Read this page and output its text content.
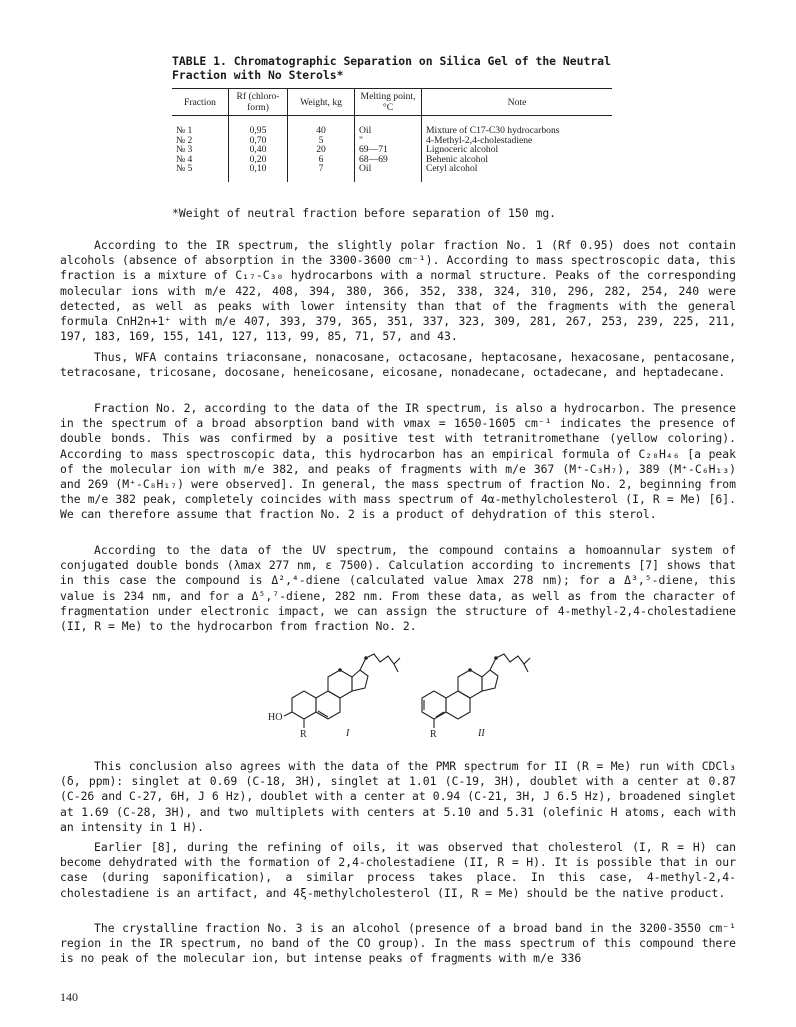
TABLE 1. Chromatographic Separation on Silica Gel of the Neutral Fraction with No Sterols*
Fraction	Rf (chloro-form)	Weight, kg	Melting point, °C	Note
№ 1	0,95	40	Oil	Mixture of C17-C30 hydrocarbons
№ 2	0,70	5	"	4-Methyl-2,4-cholestadiene
№ 3	0,40	20	69—71	Lignoceric alcohol
№ 4	0,20	6	68—69	Behenic alcohol
№ 5	0,10	7	Oil	Cetyl alcohol
*Weight of neutral fraction before separation of 150 mg.
According to the IR spectrum, the slightly polar fraction No. 1 (Rf 0.95) does not contain alcohols (absence of absorption in the 3300-3600 cm⁻¹). According to mass spectroscopic data, this fraction is a mixture of C₁₇-C₃₀ hydrocarbons with a normal structure. Peaks of the corresponding molecular ions with m/e 422, 408, 394, 380, 366, 352, 338, 324, 310, 296, 282, 254, 240 were detected, as well as peaks with lower intensity than that of the fragments with the general formula CnH2n+1⁺ with m/e 407, 393, 379, 365, 351, 337, 323, 309, 281, 267, 253, 239, 225, 211, 197, 183, 169, 155, 141, 127, 113, 99, 85, 71, 57, and 43.
Thus, WFA contains triaconsane, nonacosane, octacosane, heptacosane, hexacosane, pentacosane, tetracosane, tricosane, docosane, heneicosane, eicosane, nonadecane, octadecane, and heptadecane.
Fraction No. 2, according to the data of the IR spectrum, is also a hydrocarbon. The presence in the spectrum of a broad absorption band with νmax = 1650-1605 cm⁻¹ indicates the presence of double bonds. This was confirmed by a positive test with tetranitromethane (yellow coloring). According to mass spectroscopic data, this hydrocarbon has an empirical formula of C₂₈H₄₆ [a peak of the molecular ion with m/e 382, and peaks of fragments with m/e 367 (M⁺-C₃H₇), 389 (M⁺-C₆H₁₃) and 269 (M⁺-C₈H₁₇) were observed]. In general, the mass spectrum of fraction No. 2, beginning from the m/e 382 peak, completely coincides with mass spectrum of 4α-methylcholesterol (I, R = Me) [6]. We can therefore assume that fraction No. 2 is a product of dehydration of this sterol.
According to the data of the UV spectrum, the compound contains a homoannular system of conjugated double bonds (λmax 277 nm, ε 7500). Calculation according to increments [7] shows that in this case the compound is Δ²,⁴-diene (calculated value λmax 278 nm); for a Δ³,⁵-diene, this value is 234 nm, and for a Δ⁵,⁷-diene, 282 nm. From these data, as well as from the character of fragmentation under electronic impact, we can assign the structure of 4-methyl-2,4-cholestadiene (II, R = Me) to the hydrocarbon from fraction No. 2.
HO
R	I	R	II
This conclusion also agrees with the data of the PMR spectrum for II (R = Me) run with CDCl₃ (δ, ppm): singlet at 0.69 (C-18, 3H), singlet at 1.01 (C-19, 3H), doublet with a center at 0.87 (C-26 and C-27, 6H, J 6 Hz), doublet with a center at 0.94 (C-21, 3H, J 6.5 Hz), broadened singlet at 1.69 (C-28, 3H), and two multiplets with centers at 5.10 and 5.31 (olefinic H atoms, each with an intensity in 1 H).
Earlier [8], during the refining of oils, it was observed that cholesterol (I, R = H) can become dehydrated with the formation of 2,4-cholestadiene (II, R = H). It is possible that in our case (during saponification), a similar process takes place. In this case, 4-methyl-2,4-cholestadiene is an artifact, and 4ξ-methylcholesterol (II, R = Me) should be the native product.
The crystalline fraction No. 3 is an alcohol (presence of a broad band in the 3200-3550 cm⁻¹ region in the IR spectrum, no band of the CO group). In the mass spectrum of this compound there is no peak of the molecular ion, but intense peaks of fragments with m/e 336
140
